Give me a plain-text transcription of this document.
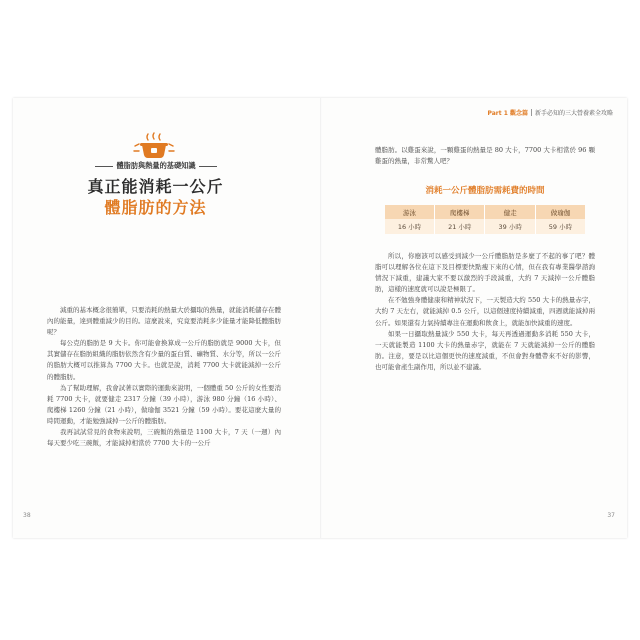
體脂肪與熱量的基礎知識
真正能消耗一公斤
體脂肪的方法

減重的基本概念很簡單，只要消耗的熱量大於攝取的熱量，就能消耗儲存在體內的能量，達到體重減少的目的。這麼說來，究竟要消耗多少能量才能降低體脂肪呢？

每公克的脂肪是 9 大卡。你可能會換算成一公斤的脂肪就是 9000 大卡，但其實儲存在脂肪組織的脂肪依然含有少量的蛋白質、礦物質、水分等，所以一公斤的脂肪大概可以推算為 7700 大卡。也就是說，消耗 7700 大卡就能減掉一公斤的體脂肪。

為了幫助理解，我會試著以實際的運動來說明，一個體重 50 公斤的女性要消耗 7700 大卡，就要健走 2317 分鐘（39 小時），游泳 980 分鐘（16 小時）、爬樓梯 1260 分鐘（21 小時），做瑜伽 3521 分鐘（59 小時）。要花這麼大量的時間運動，才能勉強減掉一公斤的體脂肪。

我再試試常見的食物來說明，三碗飯的熱量是 1100 大卡，7 天（一週）內每天要少吃三碗飯，才能減掉相當於 7700 大卡的一公斤

38
Part 1 觀念篇 新手必知的三大營養素全攻略

體脂肪。以雞蛋來說，一顆雞蛋的熱量是 80 大卡，7700 大卡相當於 96 顆雞蛋的熱量，非常驚人吧？

消耗一公斤體脂肪需耗費的時間
游泳	爬樓梯	健走	做瑜伽
16 小時	21 小時	39 小時	59 小時

所以，你應該可以感受到減少一公斤體脂肪是多麼了不起的事了吧？體脂可以理解各位在這下及目標要快點瘦下來的心情，但在我有專業醫學諮詢情況下減重，建議大家不要以激烈的手段減重，大約 7 天減掉一公斤體脂肪，這樣的速度就可以說是極限了。

在不勉強身體健康和精神狀況下，一天製造大約 550 大卡的熱量赤字，大約 7 天左右，就能減掉 0.5 公斤，以這個速度持續減重，四週就能減掉兩公斤。如果還有力氣持續專注在運動和飲食上，就能加快減重的速度。

如果一日攝取熱量減少 550 大卡，每天再透過運動多消耗 550 大卡，一天就能製造 1100 大卡的熱量赤字，就能在 7 天就能減掉一公斤的體脂肪。注意，要是以比這個更快的速度減重，不但會對身體帶來不好的影響，也可能會產生副作用，所以並不建議。

37
